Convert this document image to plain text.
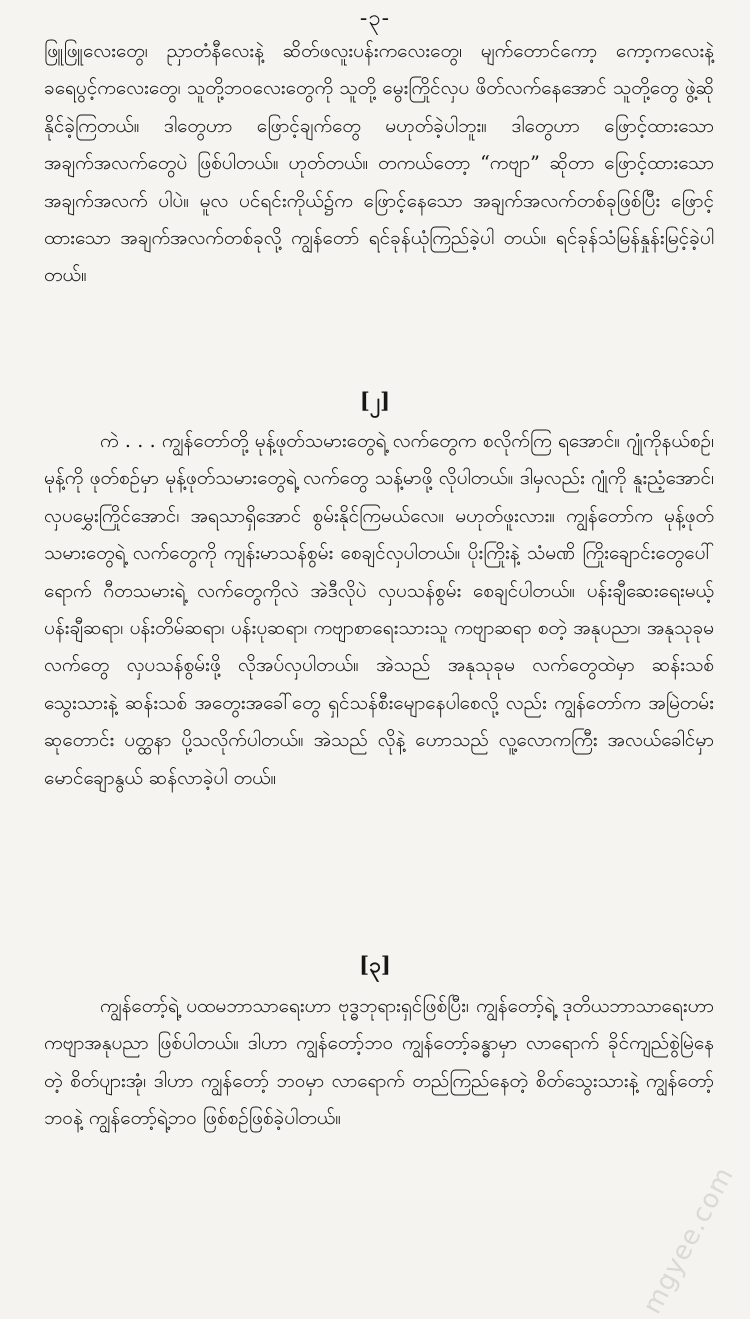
-၃-

ဖြူဖြူလေးတွေ၊ ညှာတံနီလေးနဲ့ ဆိတ်ဖလူးပန်းကလေးတွေ၊ မျက်တောင်ကော့ ကော့ကလေးနဲ့ ခရေပွင့်ကလေးတွေ၊ သူတို့ဘဝလေးတွေကို သူတို့ မွေးကြိုင်လှပ ဖိတ်လက်နေအောင် သူတို့တွေ ဖွဲ့ဆိုနိုင်ခဲ့ကြတယ်။ ဒါတွေဟာ ဖြောင့်ချက်တွေ မဟုတ်ခဲ့ပါဘူး။ ဒါတွေဟာ ဖြောင့်ထားသော အချက်အလက်တွေပဲ ဖြစ်ပါတယ်။ ဟုတ်တယ်။ တကယ်တော့ “ကဗျာ” ဆိုတာ ဖြောင့်ထားသော အချက်အလက် ပါပဲ။ မူလ ပင်ရင်းကိုယ်၌က ဖြောင့်နေသော အချက်အလက်တစ်ခုဖြစ်ပြီး ဖြောင့်ထားသော အချက်အလက်တစ်ခုလို့ ကျွန်တော် ရင်ခုန်ယုံကြည်ခဲ့ပါ တယ်။ ရင်ခုန်သံမြန်နှုန်းမြင့်ခဲ့ပါတယ်။

[၂]

ကဲ . . . ကျွန်တော်တို့ မုန့်ဖုတ်သမားတွေရဲ့ လက်တွေက စလိုက်ကြ ရအောင်။ ဂျုံကိုနယ်စဉ်၊ မုန့်ကို ဖုတ်စဉ်မှာ မုန့်ဖုတ်သမားတွေရဲ့ လက်တွေ သန့်မာဖို့ လိုပါတယ်။ ဒါမှလည်း ဂျုံကို နူးညံ့အောင်၊ လှပမွှေးကြိုင်အောင်၊ အရသာရှိအောင် စွမ်းနိုင်ကြမယ်လေ။ မဟုတ်ဖူးလား။ ကျွန်တော်က မုန့်ဖုတ် သမားတွေရဲ့ လက်တွေကို ကျန်းမာသန်စွမ်း စေချင်လှပါတယ်။ ပိုးကြိုးနဲ့ သံမဏိ ကြိုးချောင်းတွေပေါ် ရောက် ဂီတသမားရဲ့ လက်တွေကိုလဲ အဲဒီလိုပဲ လှပသန်စွမ်း စေချင်ပါတယ်။ ပန်းချီဆေးရေးမယ့် ပန်းချီဆရာ၊ ပန်းတိမ်ဆရာ၊ ပန်းပုဆရာ၊ ကဗျာစာရေးသားသူ ကဗျာဆရာ စတဲ့ အနုပညာ၊ အနုသုခုမ လက်တွေ လှပသန်စွမ်းဖို့ လိုအပ်လှပါတယ်။ အဲသည် အနုသုခုမ လက်တွေထဲမှာ ဆန်းသစ် သွေးသားနဲ့ ဆန်းသစ် အတွေးအခေါ်တွေ ရှင်သန်စီးမျောနေပါစေလို့ လည်း ကျွန်တော်က အမြဲတမ်း ဆုတောင်း ပတ္ထနာ ပို့သလိုက်ပါတယ်။ အဲသည် လိုနဲ့ ဟောသည် လူ့လောကကြီး အလယ်ခေါင်မှာ မောင်ချောနွယ် ဆန်လာခဲ့ပါ တယ်။

[၃]

ကျွန်တော့်ရဲ့ ပထမဘာသာရေးဟာ ဗုဒ္ဓဘုရားရှင်ဖြစ်ပြီး၊ ကျွန်တော့်ရဲ့ ဒုတိယဘာသာရေးဟာ ကဗျာအနုပညာ ဖြစ်ပါတယ်။ ဒါဟာ ကျွန်တော့်ဘဝ ကျွန်တော့်ခန္ဓာမှာ လာရောက် ခိုင်ကျည်စွဲမြဲနေတဲ့ စိတ်ပျားအုံ၊ ဒါဟာ ကျွန်တော့် ဘဝမှာ လာရောက် တည်ကြည်နေတဲ့ စိတ်သွေးသားနဲ့ ကျွန်တော့်ဘဝနဲ့ ကျွန်တော့်ရဲ့ဘဝ ဖြစ်စဉ်ဖြစ်ခဲ့ပါတယ်။

mgyee.com
